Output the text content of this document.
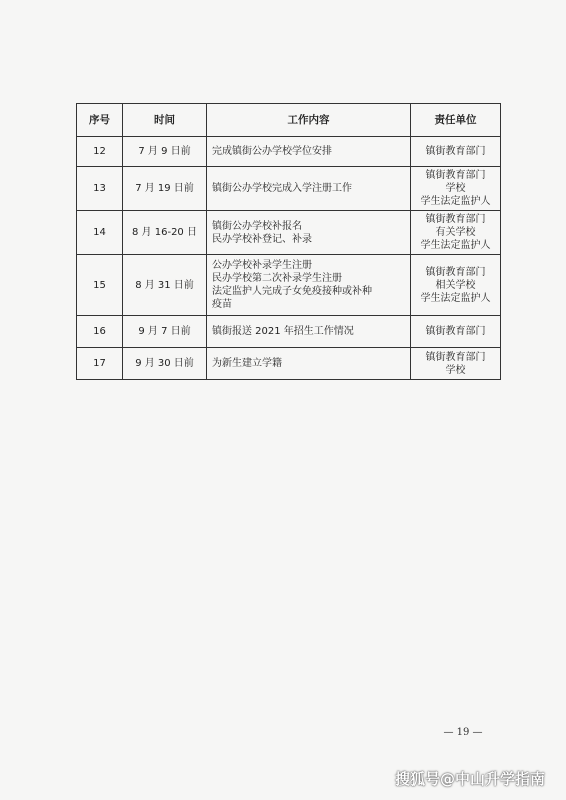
序号	时间	工作内容	责任单位
12	7 月 9 日前	完成镇街公办学校学位安排	镇街教育部门

13	7 月 19 日前	镇街公办学校完成入学注册工作	镇街教育部门
学校
学生法定监护人

14	8 月 16-20 日	镇街公办学校补报名
民办学校补登记、补录	镇街教育部门
有关学校
学生法定监护人

15	8 月 31 日前	公办学校补录学生注册
民办学校第二次补录学生注册
法定监护人完成子女免疫接种或补种
疫苗	镇街教育部门
相关学校
学生法定监护人

16	9 月 7 日前	镇街报送 2021 年招生工作情况	镇街教育部门

17	9 月 30 日前	为新生建立学籍	镇街教育部门
学校
— 19 —
搜狐号@中山升学指南
